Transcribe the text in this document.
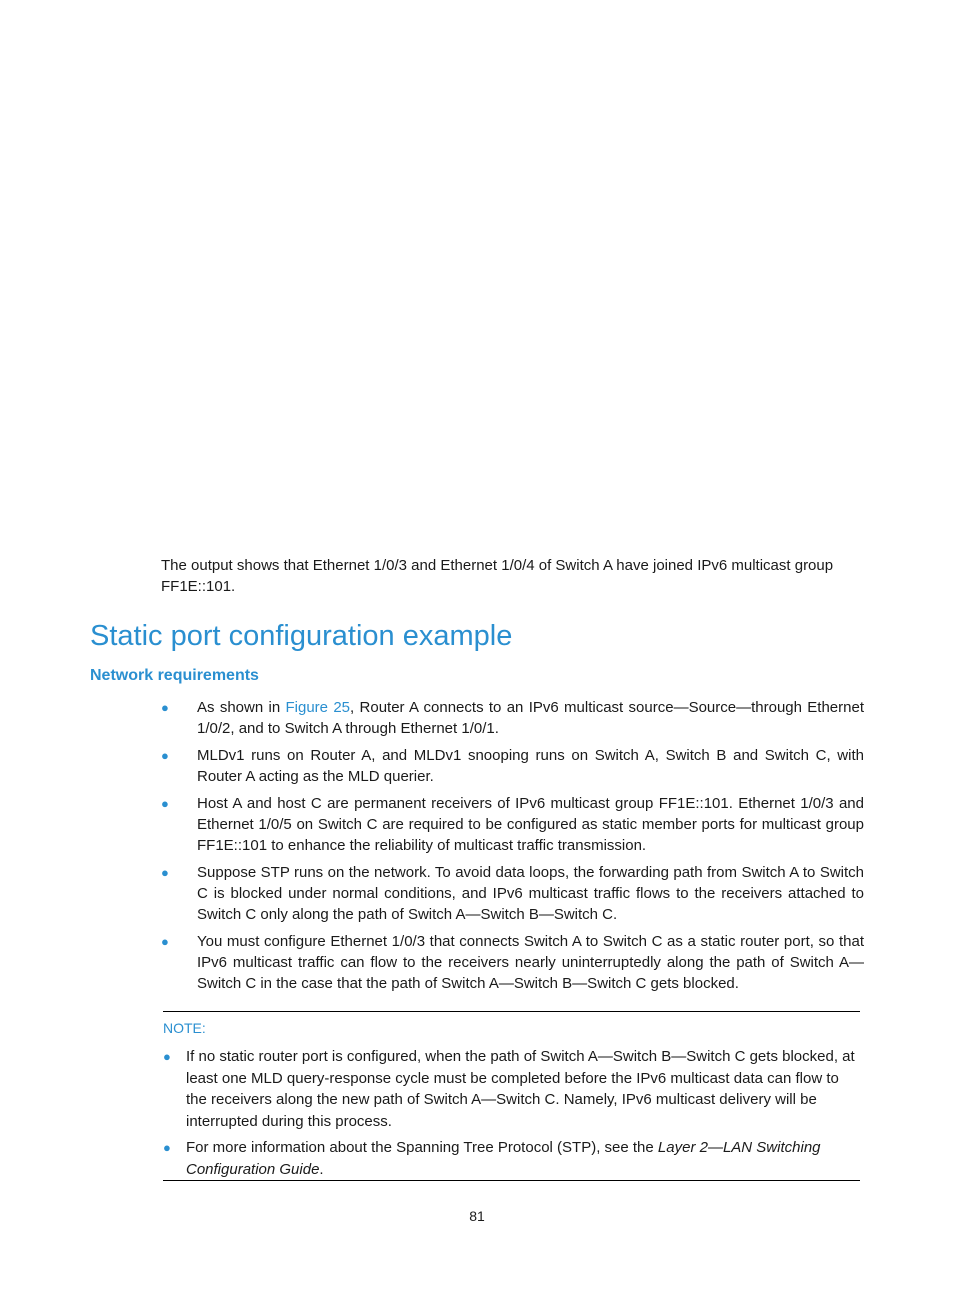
The output shows that Ethernet 1/0/3 and Ethernet 1/0/4 of Switch A have joined IPv6 multicast group FF1E::101.

Static port configuration example
Network requirements
● As shown in Figure 25, Router A connects to an IPv6 multicast source—Source—through Ethernet 1/0/2, and to Switch A through Ethernet 1/0/1.
● MLDv1 runs on Router A, and MLDv1 snooping runs on Switch A, Switch B and Switch C, with Router A acting as the MLD querier.
● Host A and host C are permanent receivers of IPv6 multicast group FF1E::101. Ethernet 1/0/3 and Ethernet 1/0/5 on Switch C are required to be configured as static member ports for multicast group FF1E::101 to enhance the reliability of multicast traffic transmission.
● Suppose STP runs on the network. To avoid data loops, the forwarding path from Switch A to Switch C is blocked under normal conditions, and IPv6 multicast traffic flows to the receivers attached to Switch C only along the path of Switch A—Switch B—Switch C.
● You must configure Ethernet 1/0/3 that connects Switch A to Switch C as a static router port, so that IPv6 multicast traffic can flow to the receivers nearly uninterruptedly along the path of Switch A—Switch C in the case that the path of Switch A—Switch B—Switch C gets blocked.

NOTE:

● If no static router port is configured, when the path of Switch A—Switch B—Switch C gets blocked, at least one MLD query-response cycle must be completed before the IPv6 multicast data can flow to the receivers along the new path of Switch A—Switch C. Namely, IPv6 multicast delivery will be interrupted during this process.
● For more information about the Spanning Tree Protocol (STP), see the Layer 2—LAN Switching Configuration Guide.

81
